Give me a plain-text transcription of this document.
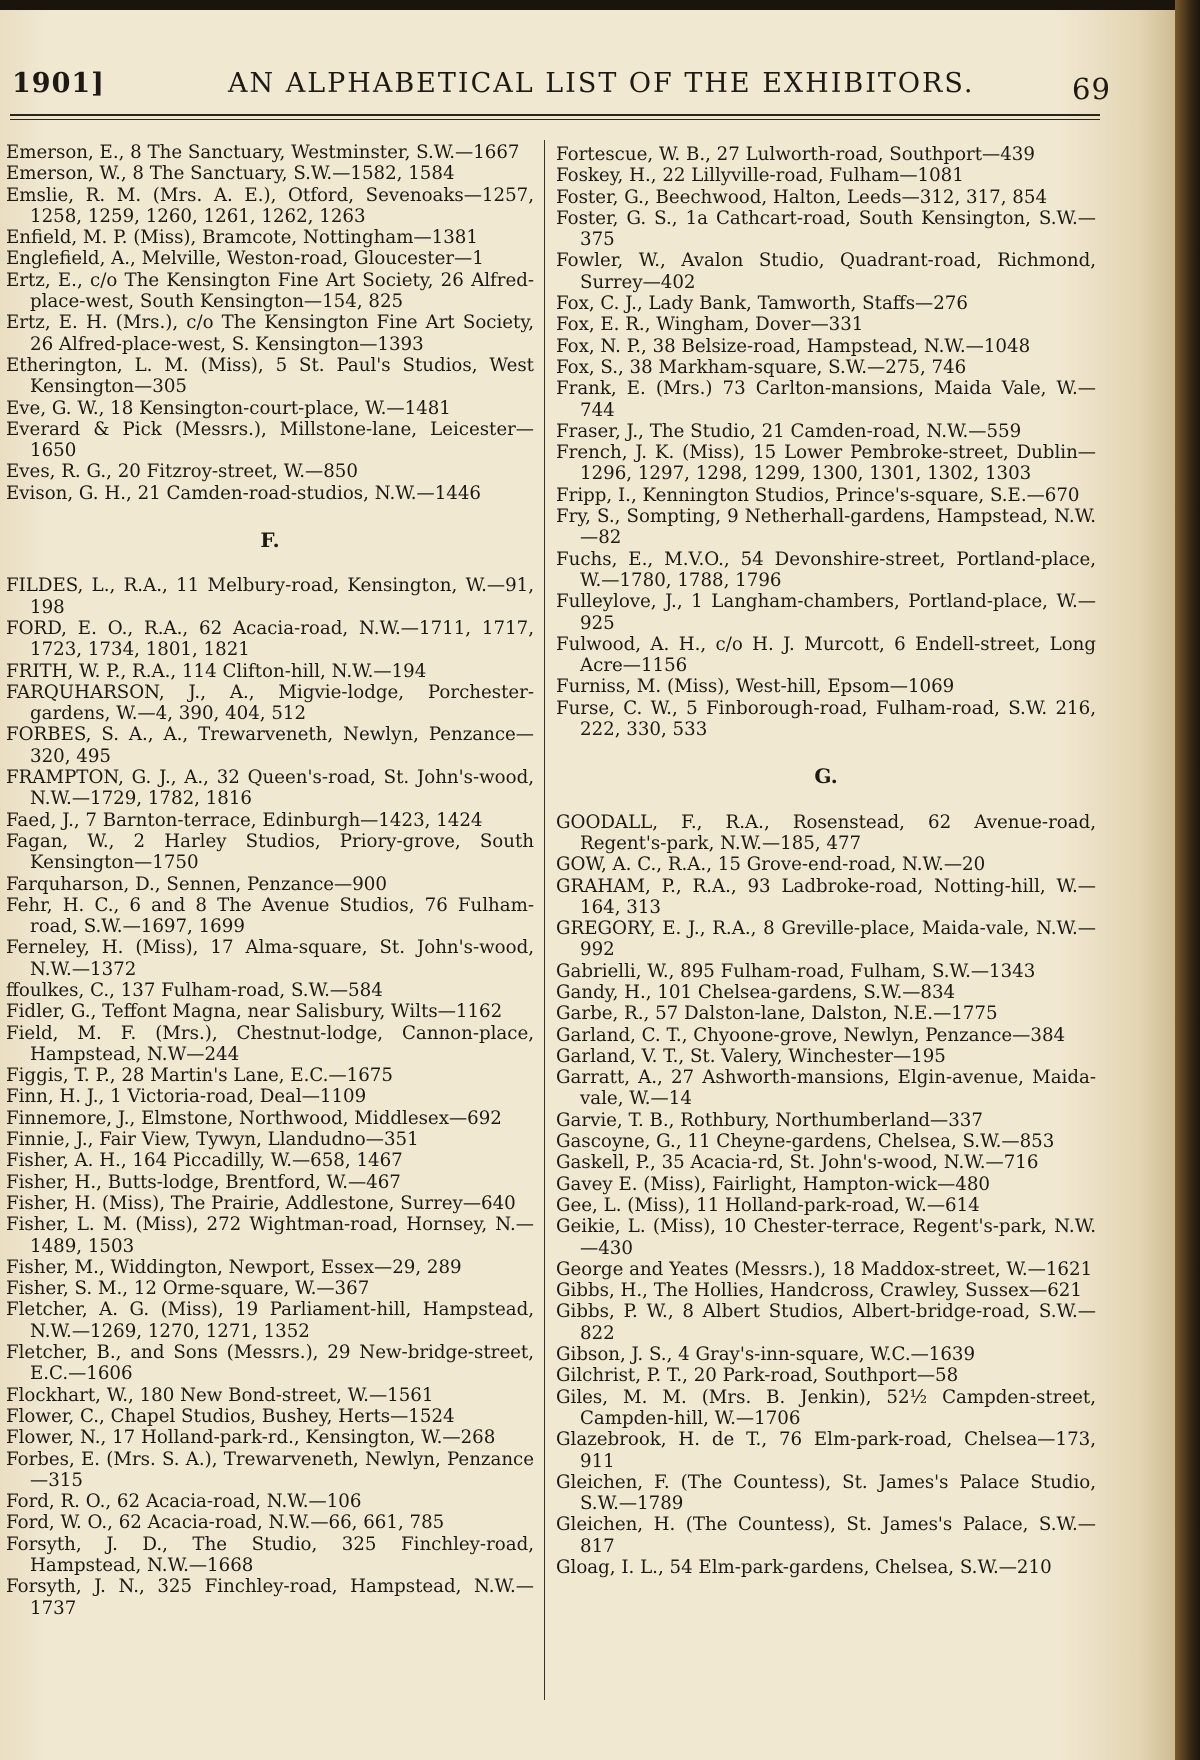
1901]	AN ALPHABETICAL LIST OF THE EXHIBITORS.	69

Emerson, E., 8 The Sanctuary, Westminster, S.W.—1667

Emerson, W., 8 The Sanctuary, S.W.—1582, 1584

Emslie, R. M. (Mrs. A. E.), Otford, Sevenoaks—1257, 1258, 1259, 1260, 1261, 1262, 1263

Enfield, M. P. (Miss), Bramcote, Nottingham—1381

Englefield, A., Melville, Weston-road, Gloucester—1

Ertz, E., c/o The Kensington Fine Art Society, 26 Alfred-place-west, South Kensington—154, 825

Ertz, E. H. (Mrs.), c/o The Kensington Fine Art Society, 26 Alfred-place-west, S. Kensington—1393

Etherington, L. M. (Miss), 5 St. Paul's Studios, West Kensington—305

Eve, G. W., 18 Kensington-court-place, W.—1481

Everard & Pick (Messrs.), Millstone-lane, Leicester—1650

Eves, R. G., 20 Fitzroy-street, W.—850

Evison, G. H., 21 Camden-road-studios, N.W.—1446

F.

FILDES, L., R.A., 11 Melbury-road, Kensington, W.—91, 198

FORD, E. O., R.A., 62 Acacia-road, N.W.—1711, 1717, 1723, 1734, 1801, 1821

FRITH, W. P., R.A., 114 Clifton-hill, N.W.—194

FARQUHARSON, J., A., Migvie-lodge, Porchester-gardens, W.—4, 390, 404, 512

FORBES, S. A., A., Trewarveneth, Newlyn, Penzance—320, 495

FRAMPTON, G. J., A., 32 Queen's-road, St. John's-wood, N.W.—1729, 1782, 1816

Faed, J., 7 Barnton-terrace, Edinburgh—1423, 1424

Fagan, W., 2 Harley Studios, Priory-grove, South Kensington—1750

Farquharson, D., Sennen, Penzance—900

Fehr, H. C., 6 and 8 The Avenue Studios, 76 Fulham-road, S.W.—1697, 1699

Ferneley, H. (Miss), 17 Alma-square, St. John's-wood, N.W.—1372

ffoulkes, C., 137 Fulham-road, S.W.—584

Fidler, G., Teffont Magna, near Salisbury, Wilts—1162

Field, M. F. (Mrs.), Chestnut-lodge, Cannon-place, Hampstead, N.W—244

Figgis, T. P., 28 Martin's Lane, E.C.—1675

Finn, H. J., 1 Victoria-road, Deal—1109

Finnemore, J., Elmstone, Northwood, Middlesex—692

Finnie, J., Fair View, Tywyn, Llandudno—351

Fisher, A. H., 164 Piccadilly, W.—658, 1467

Fisher, H., Butts-lodge, Brentford, W.—467

Fisher, H. (Miss), The Prairie, Addlestone, Surrey—640

Fisher, L. M. (Miss), 272 Wightman-road, Hornsey, N.—1489, 1503

Fisher, M., Widdington, Newport, Essex—29, 289

Fisher, S. M., 12 Orme-square, W.—367

Fletcher, A. G. (Miss), 19 Parliament-hill, Hampstead, N.W.—1269, 1270, 1271, 1352

Fletcher, B., and Sons (Messrs.), 29 New-bridge-street, E.C.—1606

Flockhart, W., 180 New Bond-street, W.—1561

Flower, C., Chapel Studios, Bushey, Herts—1524

Flower, N., 17 Holland-park-rd., Kensington, W.—268

Forbes, E. (Mrs. S. A.), Trewarveneth, Newlyn, Penzance—315

Ford, R. O., 62 Acacia-road, N.W.—106

Ford, W. O., 62 Acacia-road, N.W.—66, 661, 785

Forsyth, J. D., The Studio, 325 Finchley-road, Hampstead, N.W.—1668

Forsyth, J. N., 325 Finchley-road, Hampstead, N.W.—1737

Fortescue, W. B., 27 Lulworth-road, Southport—439

Foskey, H., 22 Lillyville-road, Fulham—1081

Foster, G., Beechwood, Halton, Leeds—312, 317, 854

Foster, G. S., 1a Cathcart-road, South Kensington, S.W.—375

Fowler, W., Avalon Studio, Quadrant-road, Richmond, Surrey—402

Fox, C. J., Lady Bank, Tamworth, Staffs—276

Fox, E. R., Wingham, Dover—331

Fox, N. P., 38 Belsize-road, Hampstead, N.W.—1048

Fox, S., 38 Markham-square, S.W.—275, 746

Frank, E. (Mrs.) 73 Carlton-mansions, Maida Vale, W.—744

Fraser, J., The Studio, 21 Camden-road, N.W.—559

French, J. K. (Miss), 15 Lower Pembroke-street, Dublin—1296, 1297, 1298, 1299, 1300, 1301, 1302, 1303

Fripp, I., Kennington Studios, Prince's-square, S.E.—670

Fry, S., Sompting, 9 Netherhall-gardens, Hampstead, N.W.—82

Fuchs, E., M.V.O., 54 Devonshire-street, Portland-place, W.—1780, 1788, 1796

Fulleylove, J., 1 Langham-chambers, Portland-place, W.—925

Fulwood, A. H., c/o H. J. Murcott, 6 Endell-street, Long Acre—1156

Furniss, M. (Miss), West-hill, Epsom—1069

Furse, C. W., 5 Finborough-road, Fulham-road, S.W. 216, 222, 330, 533

G.

GOODALL, F., R.A., Rosenstead, 62 Avenue-road, Regent's-park, N.W.—185, 477

GOW, A. C., R.A., 15 Grove-end-road, N.W.—20

GRAHAM, P., R.A., 93 Ladbroke-road, Notting-hill, W.—164, 313

GREGORY, E. J., R.A., 8 Greville-place, Maida-vale, N.W.—992

Gabrielli, W., 895 Fulham-road, Fulham, S.W.—1343

Gandy, H., 101 Chelsea-gardens, S.W.—834

Garbe, R., 57 Dalston-lane, Dalston, N.E.—1775

Garland, C. T., Chyoone-grove, Newlyn, Penzance—384

Garland, V. T., St. Valery, Winchester—195

Garratt, A., 27 Ashworth-mansions, Elgin-avenue, Maida-vale, W.—14

Garvie, T. B., Rothbury, Northumberland—337

Gascoyne, G., 11 Cheyne-gardens, Chelsea, S.W.—853

Gaskell, P., 35 Acacia-rd, St. John's-wood, N.W.—716

Gavey E. (Miss), Fairlight, Hampton-wick—480

Gee, L. (Miss), 11 Holland-park-road, W.—614

Geikie, L. (Miss), 10 Chester-terrace, Regent's-park, N.W.—430

George and Yeates (Messrs.), 18 Maddox-street, W.—1621

Gibbs, H., The Hollies, Handcross, Crawley, Sussex—621

Gibbs, P. W., 8 Albert Studios, Albert-bridge-road, S.W.—822

Gibson, J. S., 4 Gray's-inn-square, W.C.—1639

Gilchrist, P. T., 20 Park-road, Southport—58

Giles, M. M. (Mrs. B. Jenkin), 52½ Campden-street, Campden-hill, W.—1706

Glazebrook, H. de T., 76 Elm-park-road, Chelsea—173, 911

Gleichen, F. (The Countess), St. James's Palace Studio, S.W.—1789

Gleichen, H. (The Countess), St. James's Palace, S.W.—817

Gloag, I. L., 54 Elm-park-gardens, Chelsea, S.W.—210
